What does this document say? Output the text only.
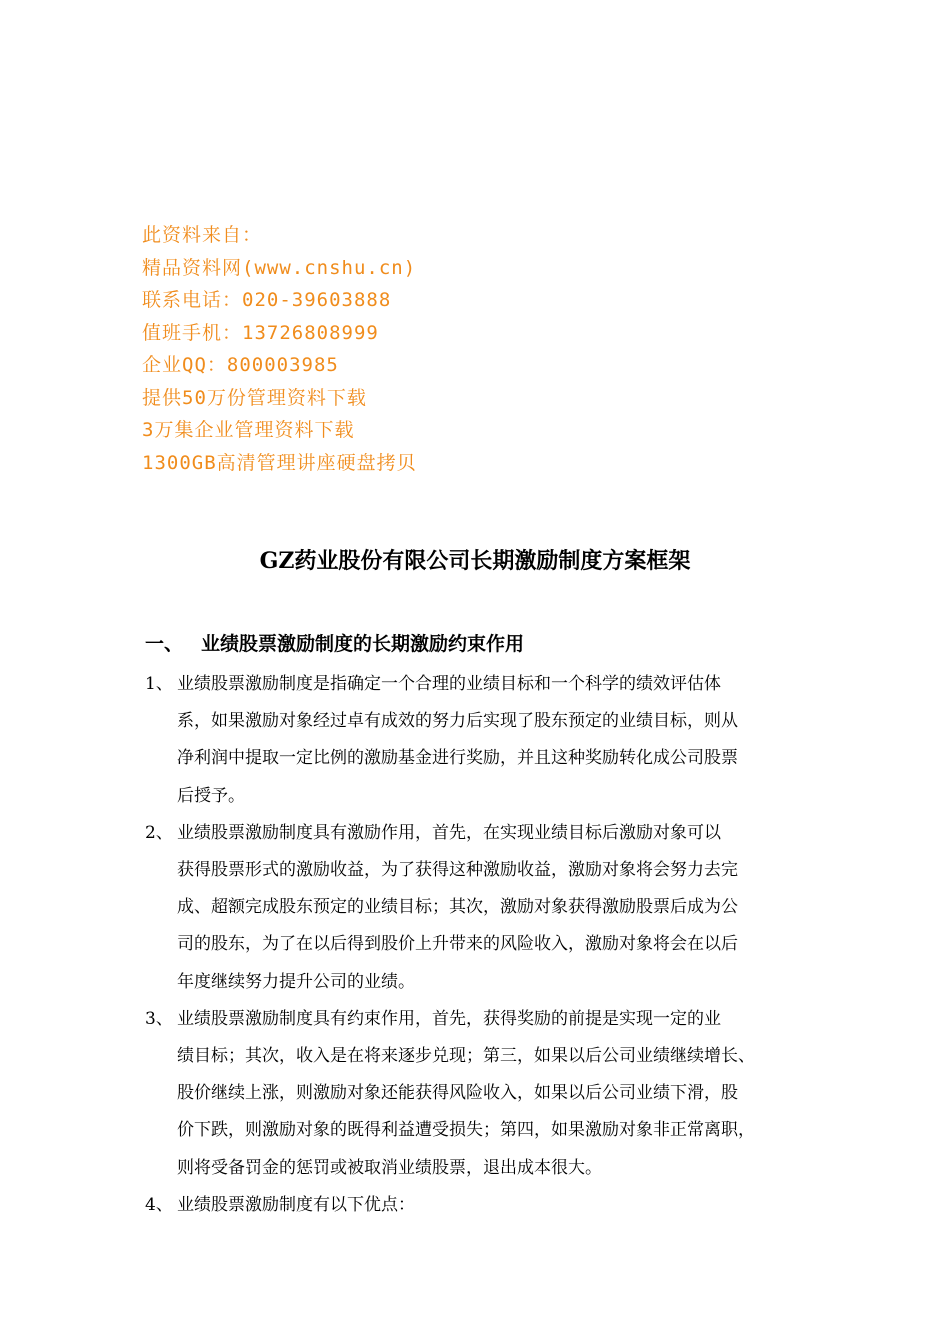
此资料来自：
精品资料网(www.cnshu.cn)
联系电话：020-39603888
值班手机：13726808999
企业QQ：800003985
提供50万份管理资料下载
3万集企业管理资料下载
1300GB高清管理讲座硬盘拷贝
GZ药业股份有限公司长期激励制度方案框架
一、 业绩股票激励制度的长期激励约束作用
1、 业绩股票激励制度是指确定一个合理的业绩目标和一个科学的绩效评估体
系，如果激励对象经过卓有成效的努力后实现了股东预定的业绩目标，则从
净利润中提取一定比例的激励基金进行奖励，并且这种奖励转化成公司股票
后授予。
2、 业绩股票激励制度具有激励作用，首先，在实现业绩目标后激励对象可以
获得股票形式的激励收益，为了获得这种激励收益，激励对象将会努力去完
成、超额完成股东预定的业绩目标；其次，激励对象获得激励股票后成为公
司的股东，为了在以后得到股价上升带来的风险收入，激励对象将会在以后
年度继续努力提升公司的业绩。
3、 业绩股票激励制度具有约束作用，首先，获得奖励的前提是实现一定的业
绩目标；其次，收入是在将来逐步兑现；第三，如果以后公司业绩继续增长、
股价继续上涨，则激励对象还能获得风险收入，如果以后公司业绩下滑，股
价下跌，则激励对象的既得利益遭受损失；第四，如果激励对象非正常离职，
则将受备罚金的惩罚或被取消业绩股票，退出成本很大。
4、 业绩股票激励制度有以下优点：
